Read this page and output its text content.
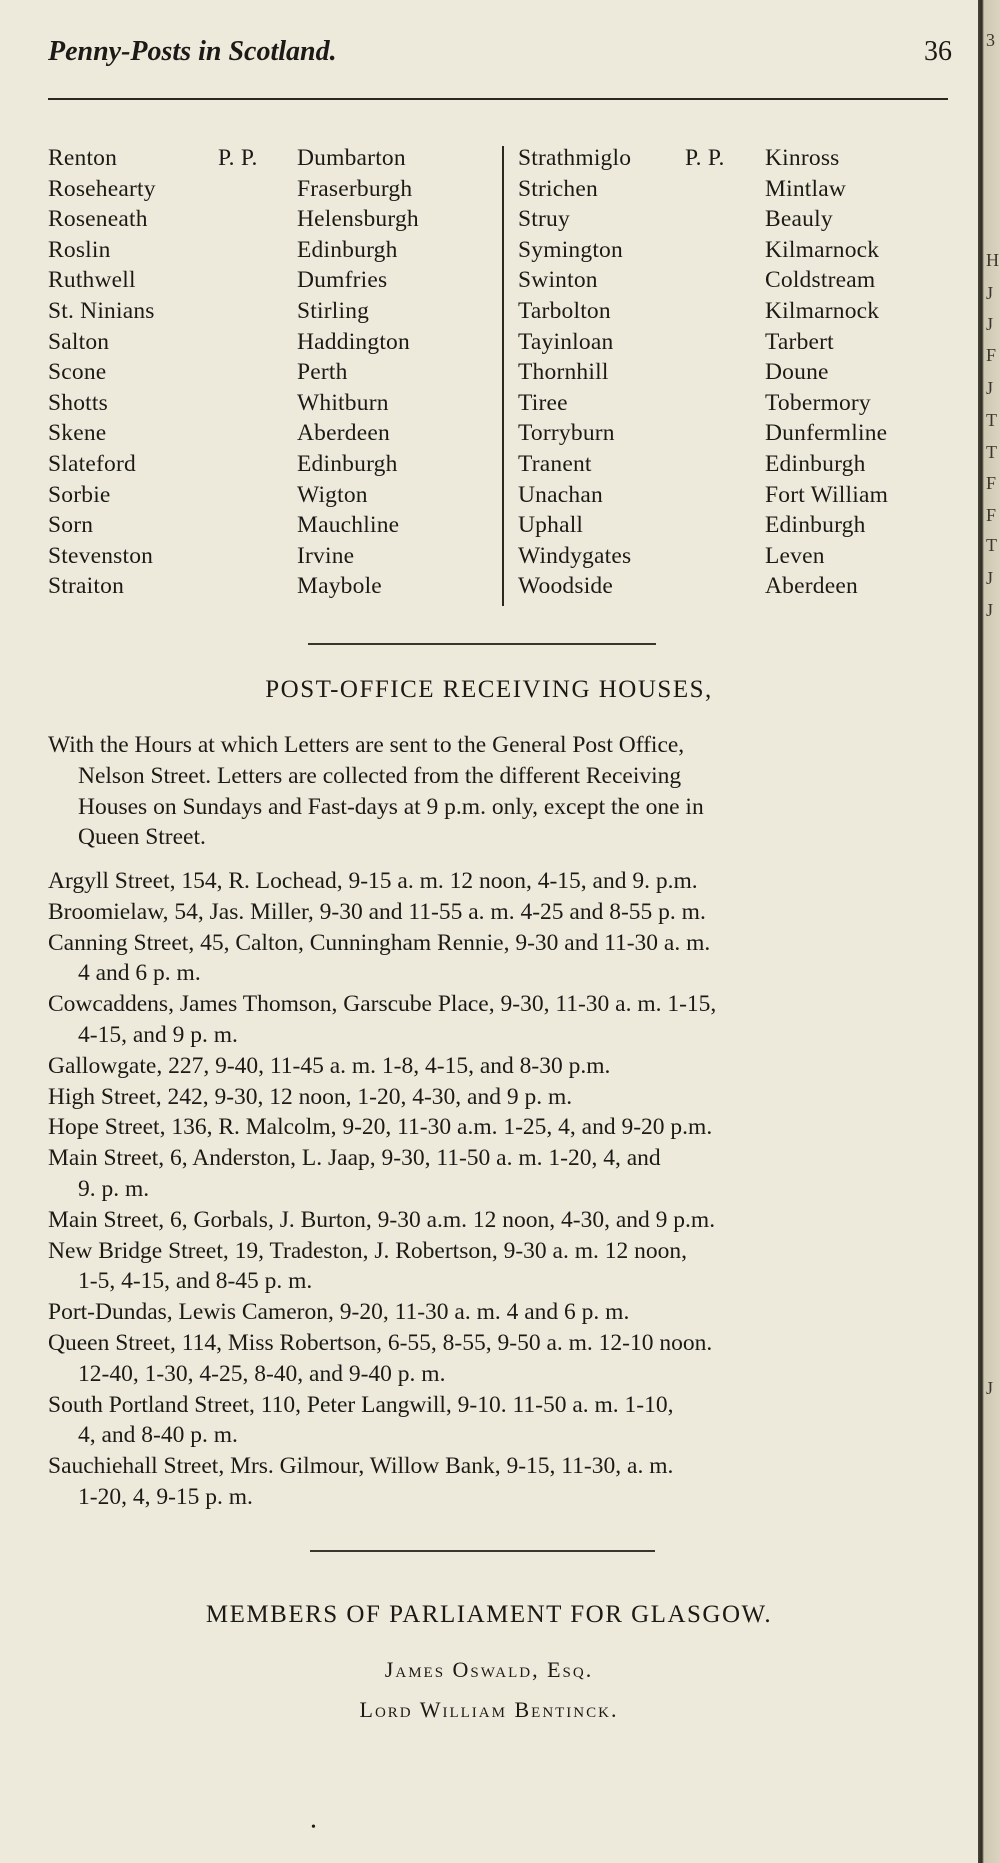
Penny-Posts in Scotland.	36
Renton
Rosehearty
Roseneath
Roslin
Ruthwell
St. Ninians
Salton
Scone
Shotts
Skene
Slateford
Sorbie
Sorn
Stevenston
Straiton
P. P. Dumbarton
Fraserburgh
Helensburgh
Edinburgh
Dumfries
Stirling
Haddington
Perth
Whitburn
Aberdeen
Edinburgh
Wigton
Mauchline
Irvine
Maybole
Strathmiglo
Strichen
Struy
Symington
Swinton
Tarbolton
Tayinloan
Thornhill
Tiree
Torryburn
Tranent
Unachan
Uphall
Windygates
Woodside
P. P. Kinross
Mintlaw
Beauly
Kilmarnock
Coldstream
Kilmarnock
Tarbert
Doune
Tobermory
Dunfermline
Edinburgh
Fort William
Edinburgh
Leven
Aberdeen
POST-OFFICE RECEIVING HOUSES,
With the Hours at which Letters are sent to the General Post Office,
Nelson Street. Letters are collected from the different Receiving
Houses on Sundays and Fast-days at 9 p.m. only, except the one in
Queen Street.
Argyll Street, 154, R. Lochead, 9-15 a. m. 12 noon, 4-15, and 9. p.m.
Broomielaw, 54, Jas. Miller, 9-30 and 11-55 a. m. 4-25 and 8-55 p. m.
Canning Street, 45, Calton, Cunningham Rennie, 9-30 and 11-30 a. m.
4 and 6 p. m.
Cowcaddens, James Thomson, Garscube Place, 9-30, 11-30 a. m. 1-15,
4-15, and 9 p. m.
Gallowgate, 227, 9-40, 11-45 a. m. 1-8, 4-15, and 8-30 p.m.
High Street, 242, 9-30, 12 noon, 1-20, 4-30, and 9 p. m.
Hope Street, 136, R. Malcolm, 9-20, 11-30 a.m. 1-25, 4, and 9-20 p.m.
Main Street, 6, Anderston, L. Jaap, 9-30, 11-50 a. m. 1-20, 4, and
9. p. m.
Main Street, 6, Gorbals, J. Burton, 9-30 a.m. 12 noon, 4-30, and 9 p.m.
New Bridge Street, 19, Tradeston, J. Robertson, 9-30 a. m. 12 noon,
1-5, 4-15, and 8-45 p. m.
Port-Dundas, Lewis Cameron, 9-20, 11-30 a. m. 4 and 6 p. m.
Queen Street, 114, Miss Robertson, 6-55, 8-55, 9-50 a. m. 12-10 noon.
12-40, 1-30, 4-25, 8-40, and 9-40 p. m.
South Portland Street, 110, Peter Langwill, 9-10. 11-50 a. m. 1-10,
4, and 8-40 p. m.
Sauchiehall Street, Mrs. Gilmour, Willow Bank, 9-15, 11-30, a. m.
1-20, 4, 9-15 p. m.
MEMBERS OF PARLIAMENT FOR GLASGOW.
James Oswald, Esq.
Lord William Bentinck.
•
3
H
J
J
F
J
T
T
F
F
T
J
J
J
